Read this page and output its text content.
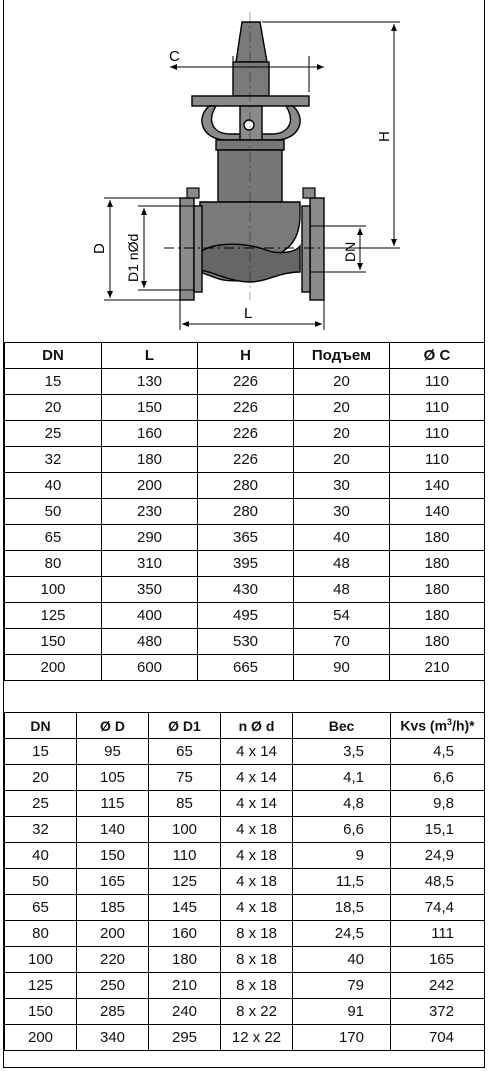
C
H
D D1 nØd	DN
L
DN	L	H	Подъем	Ø C
15	130	226	20	110
20	150	226	20	110
25	160	226	20	110
32	180	226	20	110
40	200	280	30	140
50	230	280	30	140
65	290	365	40	180
80	310	395	48	180
100	350	430	48	180
125	400	495	54	180
150	480	530	70	180
200	600	665	90	210
DN	Ø D	Ø D1	n Ø d	Вес	Kvs $(m^3/h)*$
15	95	65	4 x 14	3,5	4,5
20	105	75	4 x 14	4,1	6,6
25	115	85	4 x 14	4,8	9,8
32	140	100	4 x 18	6,6	15,1
40	150	110	4 x 18	9	24,9
50	165	125	4 x 18	11,5	48,5
65	185	145	4 x 18	18,5	74,4
80	200	160	8 x 18	24,5	111
100	220	180	8 x 18	40	165
125	250	210	8 x 18	79	242
150	285	240	8 x 22	91	372
200	340	295	12 x 22	170	704
